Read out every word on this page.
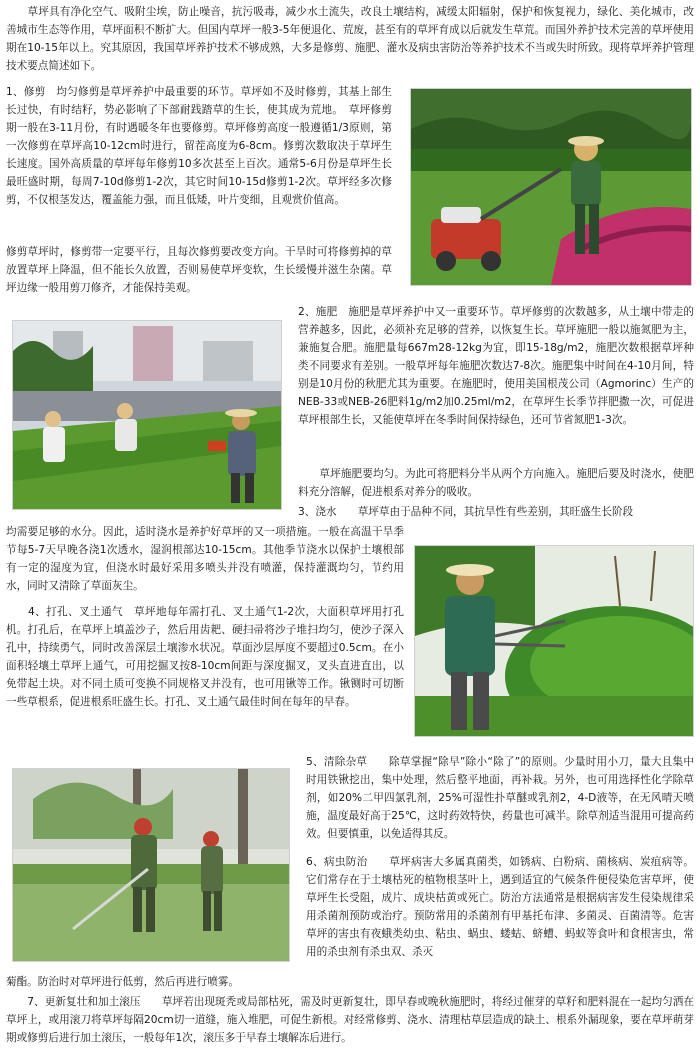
　　草坪具有净化空气、吸附尘埃，防止噪音，抗污吸毒，减少水土流失，改良土壤结构，减缓太阳辐射，保护和恢复视力，绿化、美化城市，改善城市生态等作用，草坪面积不断扩大。但国内草坪一般3-5年便退化、荒废，甚至有的草坪育成以后就发生草荒。而国外养护技术完善的草坪使用期在10-15年以上。究其原因，我国草坪养护技术不够成熟，大多是修剪、施肥、灌水及病虫害防治等养护技术不当或失时所致。现将草坪养护管理技术要点简述如下。

1、修剪　均匀修剪是草坪养护中最重要的环节。草坪如不及时修剪，其基上部生长过快，有时结籽，势必影响了下部耐践踏草的生长，使其成为荒地。　草坪修剪期一般在3-11月份，有时遇暖冬年也要修剪。草坪修剪高度一般遵循1/3原则，第一次修剪在草坪高10-12cm时进行，留茬高度为6-8cm。修剪次数取决于草坪生长速度。国外高质量的草坪每年修剪10多次甚至上百次。通常5-6月份是草坪生长最旺盛时期，每周7-10d修剪1-2次，其它时间10-15d修剪1-2次。草坪经多次修剪，不仅根茎发达，覆盖能力强，而且低矮，叶片变细，且观赏价值高。

修剪草坪时，修剪带一定要平行，且每次修剪要改变方向。干旱时可将修剪掉的草放置草坪上降温，但不能长久放置，否则易使草坪变软，生长缓慢并滋生杂菌。草坪边缘一般用剪刀修齐，才能保持美观。

2、施肥　施肥是草坪养护中又一重要环节。草坪修剪的次数越多，从土壤中带走的营养越多，因此，必须补充足够的营养，以恢复生长。草坪施肥一般以施氮肥为主，兼施复合肥。施肥量每667m28-12kg为宜，即15-18g/m2，施肥次数根据草坪种类不同要求有差别。一般草坪每年施肥次数达7-8次。施肥集中时间在4-10月间，特别是10月份的秋肥尤其为重要。在施肥时，使用美国根茂公司（Agmorinc）生产的NEB-33或NEB-26肥料1g/m2加0.25ml/m2，在草坪生长季节拌肥撒一次，可促进草坪根部生长，又能使草坪在冬季时间保持绿色，还可节省氮肥1-3次。

　　草坪施肥要均匀。为此可将肥料分半从两个方向施入。施肥后要及时浇水，使肥料充分溶解，促进根系对养分的吸收。

3、浇水　　草坪草由于品种不同，其抗旱性有些差别，其旺盛生长阶段

均需要足够的水分。因此，适时浇水是养护好草坪的又一项措施。一般在高温干旱季节每5-7天早晚各浇1次透水，湿润根部达10-15cm。其他季节浇水以保护土壤根部有一定的湿度为宜，但浇水时最好采用多喷头并没有喷灌，保持灌溉均匀，节约用水，同时又清除了草面灰尘。

　　4、打孔、叉土通气　草坪地每年需打孔、叉土通气1-2次，大面积草坪用打孔机。打孔后，在草坪上填盖沙子，然后用齿耙、硬扫帚将沙子堆扫均匀，使沙子深入孔中，持续勇气，同时改善深层土壤渗水状况。草面沙层厚度不要超过0.5cm。在小面积轻壤土草坪上通气，可用挖掘叉按8-10cm间距与深度掘叉，叉头直进直出，以免带起土块。对不同土质可变换不同规格叉并没有，也可用锹等工作。锹铡时可切断一些草根系，促进根系旺盛生长。打孔、叉土通气最佳时间在每年的早春。

5、清除杂草　　除草掌握“除早”除小“除了”的原则。少量时用小刀，量大且集中时用铁锹挖出，集中处理，然后整平地面，再补栽。另外，也可用选择性化学除草剂，如20%二甲四氯乳剂，25%可湿性扑草醚或乳剂2，4-D液等，在无风晴天喷施，温度最好高于25℃，这时药效特快，药量也可减半。除草剂适当混用可提高药效。但要慎重，以免适得其反。

6、病虫防治　　草坪病害大多属真菌类，如锈病、白粉病、菌核病、炭疽病等。它们常存在于土壤枯死的植物根茎叶上，遇到适宜的气候条件便侵染危害草坪，使草坪生长受阻，成片、成块枯黄或死亡。防治方法通常是根据病害发生侵染规律采用杀菌剂预防或治疗。预防常用的杀菌剂有甲基托布津、多菌灵、百菌清等。危害草坪的害虫有夜蛾类幼虫、粘虫、蜗虫、蝼蛄、蛴螬、蚂蚁等食叶和食根害虫，常用的杀虫剂有杀虫双、杀灭

菊酯。防治时对草坪进行低剪，然后再进行喷雾。

　　7、更新复壮和加土滚压　　草坪若出现斑秃或局部枯死，需及时更新复壮，即早春或晚秋施肥时，将经过催芽的草籽和肥料混在一起均匀洒在草坪上，或用滚刀将草坪每隔20cm切一道缝，施入堆肥，可促生新根。对经常修剪、浇水、清理枯草层造成的缺土、根系外漏现象，要在草坪萌芽期或修剪后进行加土滚压，一般每年1次，滚压多于早春土壤解冻后进行。
